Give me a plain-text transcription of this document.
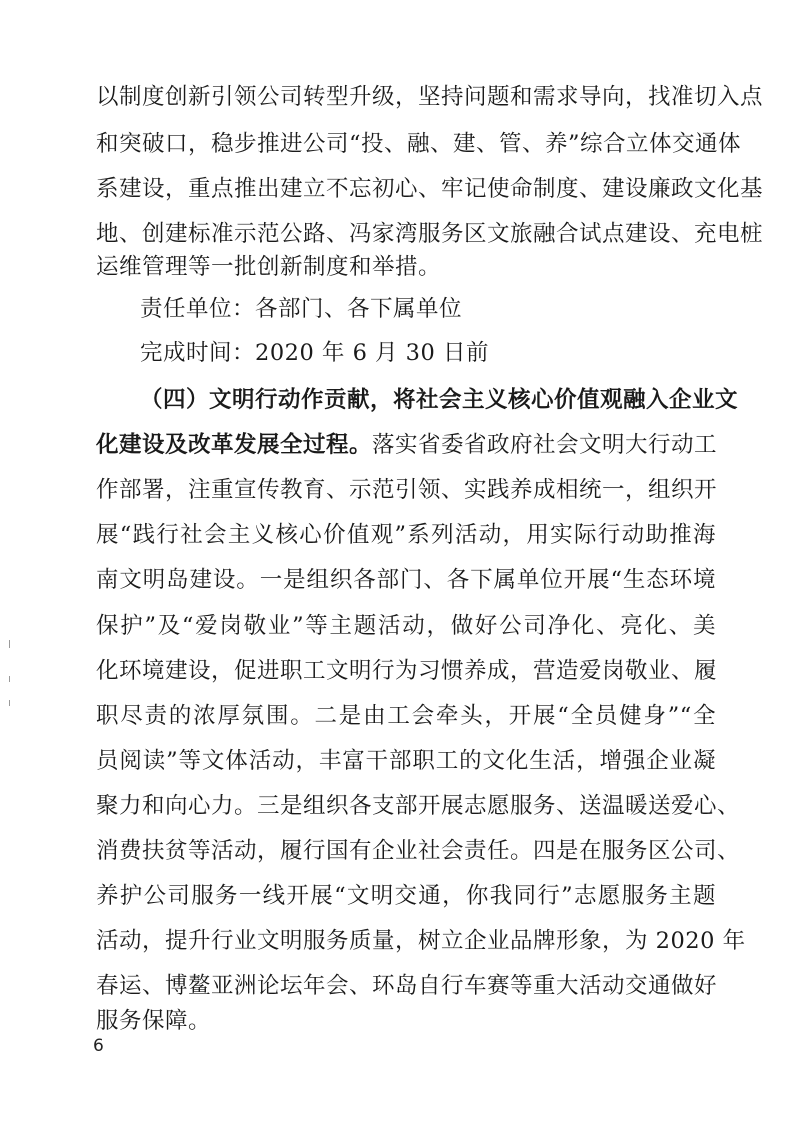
以制度创新引领公司转型升级，坚持问题和需求导向，找准切入点
和突破口，稳步推进公司“投、融、建、管、养”综合立体交通体
系建设，重点推出建立不忘初心、牢记使命制度、建设廉政文化基
地、创建标准示范公路、冯家湾服务区文旅融合试点建设、充电桩
运维管理等一批创新制度和举措。
责任单位：各部门、各下属单位
完成时间：2020 年 6 月 30 日前
（四）文明行动作贡献，将社会主义核心价值观融入企业文
化建设及改革发展全过程。落实省委省政府社会文明大行动工
作部署，注重宣传教育、示范引领、实践养成相统一，组织开
展“践行社会主义核心价值观”系列活动，用实际行动助推海
南文明岛建设。一是组织各部门、各下属单位开展“生态环境
保护”及“爱岗敬业”等主题活动，做好公司净化、亮化、美
化环境建设，促进职工文明行为习惯养成，营造爱岗敬业、履
职尽责的浓厚氛围。二是由工会牵头，开展“全员健身”“全
员阅读”等文体活动，丰富干部职工的文化生活，增强企业凝
聚力和向心力。三是组织各支部开展志愿服务、送温暖送爱心、
消费扶贫等活动，履行国有企业社会责任。四是在服务区公司、
养护公司服务一线开展“文明交通，你我同行”志愿服务主题
活动，提升行业文明服务质量，树立企业品牌形象，为 2020 年
春运、博鳌亚洲论坛年会、环岛自行车赛等重大活动交通做好
服务保障。
6
